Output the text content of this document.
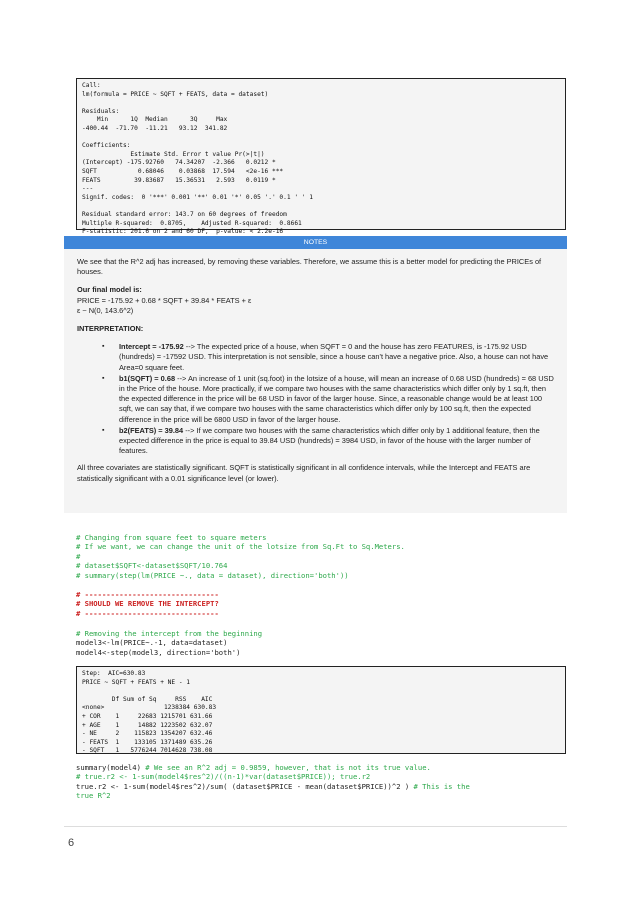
Call:
lm(formula = PRICE ~ SQFT + FEATS, data = dataset)

Residuals:
Min      1Q  Median      3Q     Max
-400.44  -71.70  -11.21   93.12  341.82

Coefficients:
Estimate Std. Error t value Pr(>|t|)
(Intercept) -175.92760   74.34207  -2.366   0.0212 *
SQFT           0.68046    0.03868  17.594   <2e-16 ***
FEATS         39.83687   15.36531   2.593   0.0119 *
---
Signif. codes:  0 '***' 0.001 '**' 0.01 '*' 0.05 '.' 0.1 ' ' 1

Residual standard error: 143.7 on 60 degrees of freedom
Multiple R-squared:  0.8705,    Adjusted R-squared:  0.8661
F-statistic: 201.6 on 2 and 60 DF,  p-value: < 2.2e-16
NOTES

We see that the R^2 adj has increased, by removing these variables. Therefore, we assume this is a better model for predicting the PRICEs of houses.

Our final model is:
PRICE = -175.92 + 0.68 * SQFT + 39.84 * FEATS + ε
ε ~ N(0, 143.6^2)

INTERPRETATION:

▪ Intercept = -175.92 --> The expected price of a house, when SQFT = 0 and the house has zero FEATURES, is -175.92 USD (hundreds) = -17592 USD. This interpretation is not sensible, since a house can't have a negative price. Also, a house can not have Area=0 square feet.
▪ b1(SQFT) = 0.68 --> An increase of 1 unit (sq.foot) in the lotsize of a house, will mean an increase of 0.68 USD (hundreds) = 68 USD in the Price of the house. More practically, if we compare two houses with the same characteristics which differ only by 1 sq.ft, then the expected difference in the price will be 68 USD in favor of the larger house. Since, a reasonable change would be at least 100 sqft, we can say that, if we compare two houses with the same characteristics which differ only by 100 sq.ft, then the expected difference in the price will be 6800 USD in favor of the larger house.
▪ b2(FEATS) = 39.84 --> If we compare two houses with the same characteristics which differ only by 1 additional feature, then the expected difference in the price is equal to 39.84 USD (hundreds) = 3984 USD, in favor of the house with the larger number of features.

All three covariates are statistically significant. SQFT is statistically significant in all confidence intervals, while the Intercept and FEATS are statistically significant with a 0.01 significance level (or lower).

# Changing from square feet to square meters
# If we want, we can change the unit of the lotsize from Sq.Ft to Sq.Meters.
#
# dataset$SQFT<-dataset$SQFT/10.764
# summary(step(lm(PRICE ~., data = dataset), direction='both'))
# -------------------------------
# SHOULD WE REMOVE THE INTERCEPT?
# -------------------------------
# Removing the intercept from the beginning
model3<-lm(PRICE~.-1, data=dataset)
model4<-step(model3, direction='both')
Step:  AIC=630.83
PRICE ~ SQFT + FEATS + NE - 1

Df Sum of Sq     RSS    AIC
<none>                1238384 630.83
+ COR    1     22683 1215701 631.66
+ AGE    1     14882 1223502 632.07
- NE     2    115823 1354207 632.46
- FEATS  1    133105 1371489 635.26
- SQFT   1   5776244 7014628 738.08
summary(model4) # We see an R^2 adj = 0.9859, however, that is not its true value.
# true.r2 <- 1-sum(model4$res^2)/((n-1)*var(dataset$PRICE)); true.r2
true.r2 <- 1-sum(model4$res^2)/sum( (dataset$PRICE - mean(dataset$PRICE))^2 ) # This is the
true R^2
6
